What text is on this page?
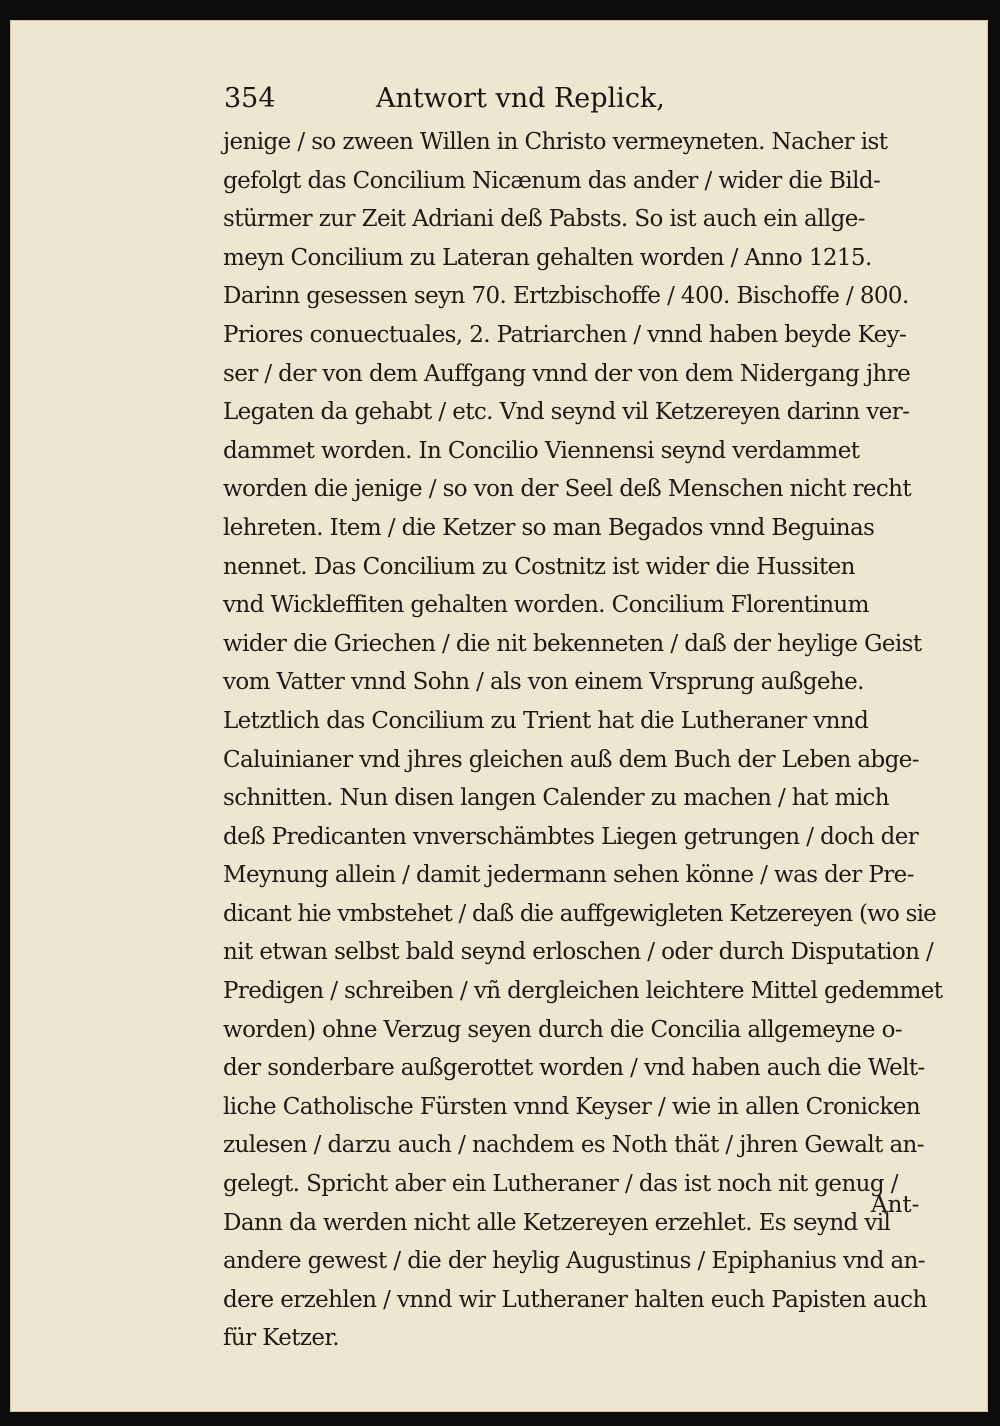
354	Antwort vnd Replick,
jenige / so zween Willen in Christo vermeyneten. Nacher ist
gefolgt das Concilium Nicænum das ander / wider die Bild-
stürmer zur Zeit Adriani deß Pabsts. So ist auch ein allge-
meyn Concilium zu Lateran gehalten worden / Anno 1215.
Darinn gesessen seyn 70. Ertzbischoffe / 400. Bischoffe / 800.
Priores conuectuales, 2. Patriarchen / vnnd haben beyde Key-
ser / der von dem Auffgang vnnd der von dem Nidergang jhre
Legaten da gehabt / etc. Vnd seynd vil Ketzereyen darinn ver-
dammet worden. In Concilio Viennensi seynd verdammet
worden die jenige / so von der Seel deß Menschen nicht recht
lehreten. Item / die Ketzer so man Begados vnnd Beguinas
nennet. Das Concilium zu Costnitz ist wider die Hussiten
vnd Wickleffiten gehalten worden. Concilium Florentinum
wider die Griechen / die nit bekenneten / daß der heylige Geist
vom Vatter vnnd Sohn / als von einem Vrsprung außgehe.
Letztlich das Concilium zu Trient hat die Lutheraner vnnd
Caluinianer vnd jhres gleichen auß dem Buch der Leben abge-
schnitten. Nun disen langen Calender zu machen / hat mich
deß Predicanten vnverschämbtes Liegen getrungen / doch der
Meynung allein / damit jedermann sehen könne / was der Pre-
dicant hie vmbstehet / daß die auffgewigleten Ketzereyen (wo sie
nit etwan selbst bald seynd erloschen / oder durch Disputation /
Predigen / schreiben / vñ dergleichen leichtere Mittel gedemmet
worden) ohne Verzug seyen durch die Concilia allgemeyne o-
der sonderbare außgerottet worden / vnd haben auch die Welt-
liche Catholische Fürsten vnnd Keyser / wie in allen Cronicken
zulesen / darzu auch / nachdem es Noth thät / jhren Gewalt an-
gelegt. Spricht aber ein Lutheraner / das ist noch nit genug /
Dann da werden nicht alle Ketzereyen erzehlet. Es seynd vil
andere gewest / die der heylig Augustinus / Epiphanius vnd an-
dere erzehlen / vnnd wir Lutheraner halten euch Papisten auch
für Ketzer.
Ant-
